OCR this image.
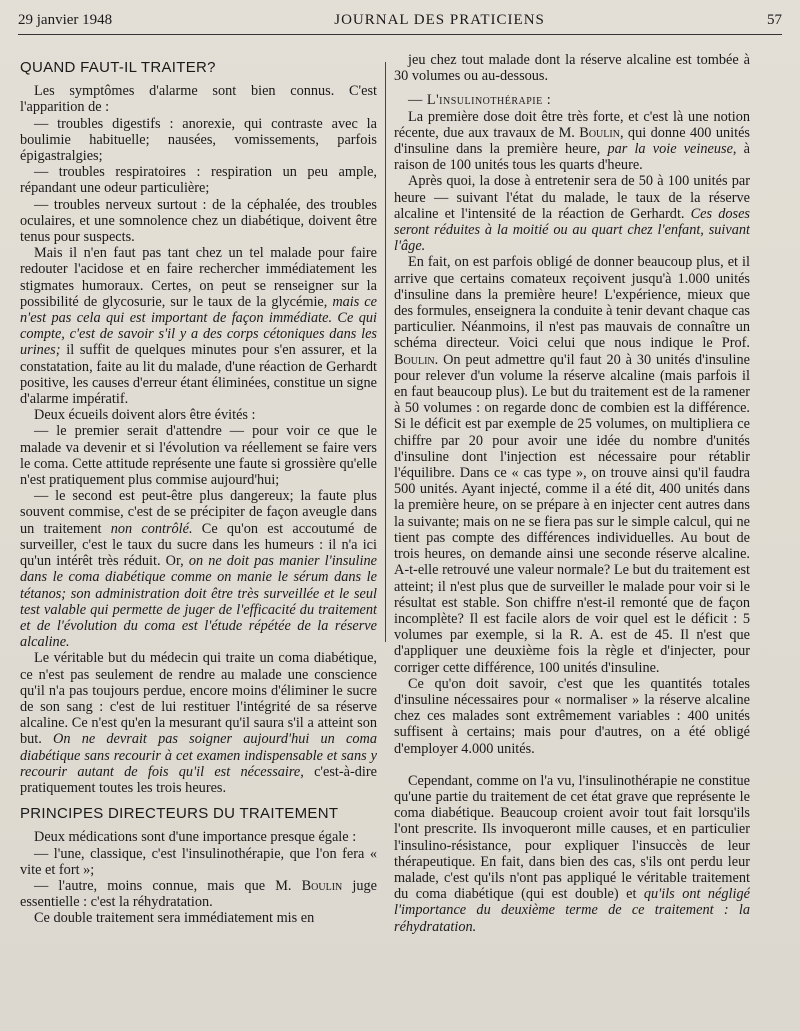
29 janvier 1948	JOURNAL DES PRATICIENS	57
QUAND FAUT-IL TRAITER?

Les symptômes d'alarme sont bien connus. C'est l'apparition de :

— troubles digestifs : anorexie, qui contraste avec la boulimie habituelle; nausées, vomissements, parfois épigastralgies;

— troubles respiratoires : respiration un peu ample, répandant une odeur particulière;

— troubles nerveux surtout : de la céphalée, des troubles oculaires, et une somnolence chez un diabétique, doivent être tenus pour suspects.

Mais il n'en faut pas tant chez un tel malade pour faire redouter l'acidose et en faire rechercher immédiatement les stigmates humoraux. Certes, on peut se renseigner sur la possibilité de glycosurie, sur le taux de la glycémie, mais ce n'est pas cela qui est important de façon immédiate. Ce qui compte, c'est de savoir s'il y a des corps cétoniques dans les urines; il suffit de quelques minutes pour s'en assurer, et la constatation, faite au lit du malade, d'une réaction de Gerhardt positive, les causes d'erreur étant éliminées, constitue un signe d'alarme impératif.

Deux écueils doivent alors être évités :

— le premier serait d'attendre — pour voir ce que le malade va devenir et si l'évolution va réellement se faire vers le coma. Cette attitude représente une faute si grossière qu'elle n'est pratiquement plus commise aujourd'hui;

— le second est peut-être plus dangereux; la faute plus souvent commise, c'est de se précipiter de façon aveugle dans un traitement non contrôlé. Ce qu'on est accoutumé de surveiller, c'est le taux du sucre dans les humeurs : il n'a ici qu'un intérêt très réduit. Or, on ne doit pas manier l'insuline dans le coma diabétique comme on manie le sérum dans le tétanos; son administration doit être très surveillée et le seul test valable qui permette de juger de l'efficacité du traitement et de l'évolution du coma est l'étude répétée de la réserve alcaline.

Le véritable but du médecin qui traite un coma diabétique, ce n'est pas seulement de rendre au malade une conscience qu'il n'a pas toujours perdue, encore moins d'éliminer le sucre de son sang : c'est de lui restituer l'intégrité de sa réserve alcaline. Ce n'est qu'en la mesurant qu'il saura s'il a atteint son but. On ne devrait pas soigner aujourd'hui un coma diabétique sans recourir à cet examen indispensable et sans y recourir autant de fois qu'il est nécessaire, c'est-à-dire pratiquement toutes les trois heures.

PRINCIPES DIRECTEURS DU TRAITEMENT

Deux médications sont d'une importance presque égale :

— l'une, classique, c'est l'insulinothérapie, que l'on fera « vite et fort »;

— l'autre, moins connue, mais que M. Boulin juge essentielle : c'est la réhydratation.

Ce double traitement sera immédiatement mis en

jeu chez tout malade dont la réserve alcaline est tombée à 30 volumes ou au-dessous.

— L'insulinothérapie :

La première dose doit être très forte, et c'est là une notion récente, due aux travaux de M. Boulin, qui donne 400 unités d'insuline dans la première heure, par la voie veineuse, à raison de 100 unités tous les quarts d'heure.

Après quoi, la dose à entretenir sera de 50 à 100 unités par heure — suivant l'état du malade, le taux de la réserve alcaline et l'intensité de la réaction de Gerhardt. Ces doses seront réduites à la moitié ou au quart chez l'enfant, suivant l'âge.

En fait, on est parfois obligé de donner beaucoup plus, et il arrive que certains comateux reçoivent jusqu'à 1.000 unités d'insuline dans la première heure! L'expérience, mieux que des formules, enseignera la conduite à tenir devant chaque cas particulier. Néanmoins, il n'est pas mauvais de connaître un schéma directeur. Voici celui que nous indique le Prof. Boulin. On peut admettre qu'il faut 20 à 30 unités d'insuline pour relever d'un volume la réserve alcaline (mais parfois il en faut beaucoup plus). Le but du traitement est de la ramener à 50 volumes : on regarde donc de combien est la différence. Si le déficit est par exemple de 25 volumes, on multipliera ce chiffre par 20 pour avoir une idée du nombre d'unités d'insuline dont l'injection est nécessaire pour rétablir l'équilibre. Dans ce « cas type », on trouve ainsi qu'il faudra 500 unités. Ayant injecté, comme il a été dit, 400 unités dans la première heure, on se prépare à en injecter cent autres dans la suivante; mais on ne se fiera pas sur le simple calcul, qui ne tient pas compte des différences individuelles. Au bout de trois heures, on demande ainsi une seconde réserve alcaline. A-t-elle retrouvé une valeur normale? Le but du traitement est atteint; il n'est plus que de surveiller le malade pour voir si le résultat est stable. Son chiffre n'est-il remonté que de façon incomplète? Il est facile alors de voir quel est le déficit : 5 volumes par exemple, si la R. A. est de 45. Il n'est que d'appliquer une deuxième fois la règle et d'injecter, pour corriger cette différence, 100 unités d'insuline.

Ce qu'on doit savoir, c'est que les quantités totales d'insuline nécessaires pour « normaliser » la réserve alcaline chez ces malades sont extrêmement variables : 400 unités suffisent à certains; mais pour d'autres, on a été obligé d'employer 4.000 unités.

Cependant, comme on l'a vu, l'insulinothérapie ne constitue qu'une partie du traitement de cet état grave que représente le coma diabétique. Beaucoup croient avoir tout fait lorsqu'ils l'ont prescrite. Ils invoqueront mille causes, et en particulier l'insulino-résistance, pour expliquer l'insuccès de leur thérapeutique. En fait, dans bien des cas, s'ils ont perdu leur malade, c'est qu'ils n'ont pas appliqué le véritable traitement du coma diabétique (qui est double) et qu'ils ont négligé l'importance du deuxième terme de ce traitement : la réhydratation.
